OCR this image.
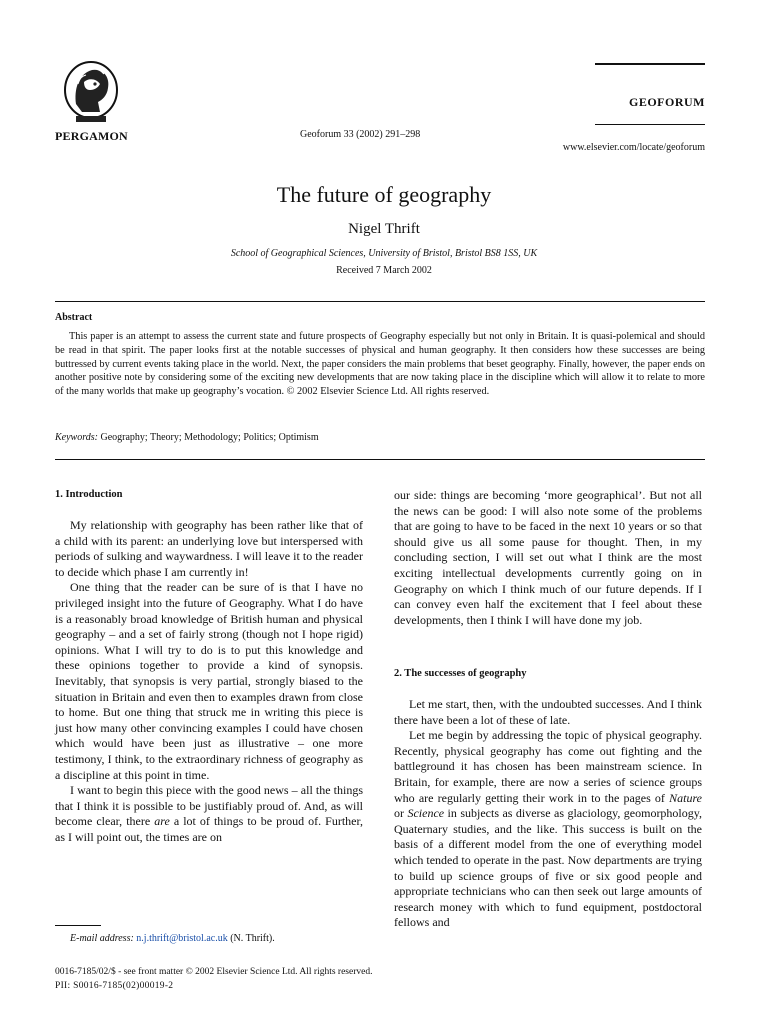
PERGAMON	Geoforum 33 (2002) 291–298
GEOFORUM
www.elsevier.com/locate/geoforum
The future of geography
Nigel Thrift
School of Geographical Sciences, University of Bristol, Bristol BS8 1SS, UK
Received 7 March 2002
Abstract

This paper is an attempt to assess the current state and future prospects of Geography especially but not only in Britain. It is quasi-polemical and should be read in that spirit. The paper looks first at the notable successes of physical and human geography. It then considers how these successes are being buttressed by current events taking place in the world. Next, the paper considers the main problems that beset geography. Finally, however, the paper ends on another positive note by considering some of the exciting new developments that are now taking place in the discipline which will allow it to relate to more of the many worlds that make up geography’s vocation. © 2002 Elsevier Science Ltd. All rights reserved.

Keywords: Geography; Theory; Methodology; Politics; Optimism
1. Introduction

My relationship with geography has been rather like that of a child with its parent: an underlying love but interspersed with periods of sulking and waywardness. I will leave it to the reader to decide which phase I am currently in!

One thing that the reader can be sure of is that I have no privileged insight into the future of Geography. What I do have is a reasonably broad knowledge of British human and physical geography – and a set of fairly strong (though not I hope rigid) opinions. What I will try to do is to put this knowledge and these opinions together to provide a kind of synopsis. Inevitably, that synopsis is very partial, strongly biased to the situation in Britain and even then to examples drawn from close to home. But one thing that struck me in writing this piece is just how many other convincing examples I could have chosen which would have been just as illustrative – one more testimony, I think, to the extraordinary richness of geography as a discipline at this point in time.

I want to begin this piece with the good news – all the things that I think it is possible to be justifiably proud of. And, as will become clear, there are a lot of things to be proud of. Further, as I will point out, the times are on

our side: things are becoming ‘more geographical’. But not all the news can be good: I will also note some of the problems that are going to have to be faced in the next 10 years or so that should give us all some pause for thought. Then, in my concluding section, I will set out what I think are the most exciting intellectual developments currently going on in Geography on which I think much of our future depends. If I can convey even half the excitement that I feel about these developments, then I think I will have done my job.

2. The successes of geography

Let me start, then, with the undoubted successes. And I think there have been a lot of these of late.

Let me begin by addressing the topic of physical geography. Recently, physical geography has come out fighting and the battleground it has chosen has been mainstream science. In Britain, for example, there are now a series of science groups who are regularly getting their work in to the pages of Nature or Science in subjects as diverse as glaciology, geomorphology, Quaternary studies, and the like. This success is built on the basis of a different model from the one of everything model which tended to operate in the past. Now departments are trying to build up science groups of five or six good people and appropriate technicians who can then seek out large amounts of research money with which to fund equipment, postdoctoral fellows and

E-mail address: n.j.thrift@bristol.ac.uk (N. Thrift).
0016-7185/02/$ - see front matter © 2002 Elsevier Science Ltd. All rights reserved.
PII: S0016-7185(02)00019-2
